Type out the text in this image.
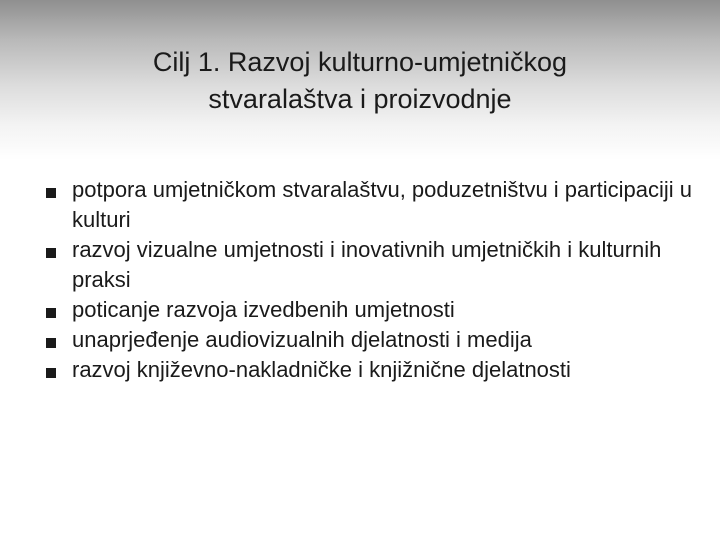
Cilj 1. Razvoj kulturno-umjetničkog
stvaralaštva i proizvodnje
potpora umjetničkom stvaralaštvu, poduzetništvu i participaciji u kulturi
razvoj vizualne umjetnosti i inovativnih umjetničkih i kulturnih praksi
poticanje razvoja izvedbenih umjetnosti
unaprjeđenje audiovizualnih djelatnosti i medija
razvoj književno-nakladničke i knjižnične djelatnosti
